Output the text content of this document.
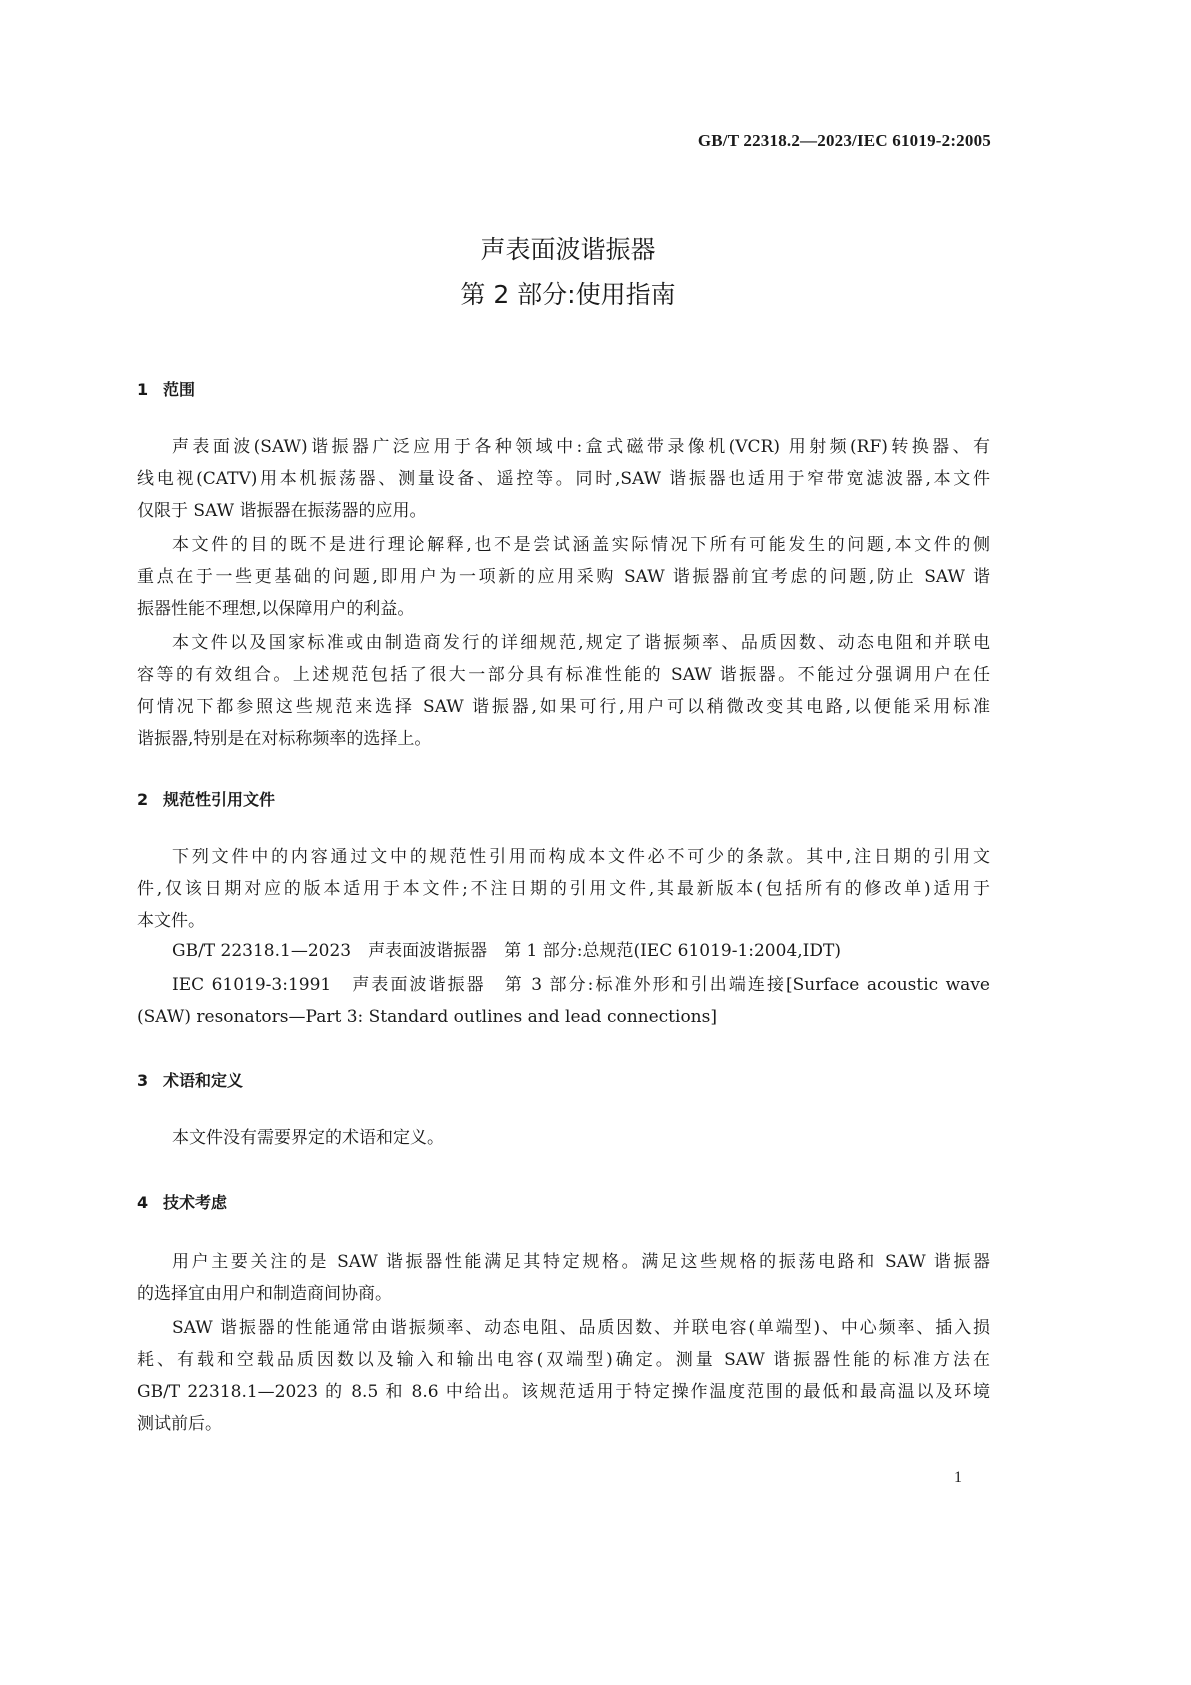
GB/T 22318.2—2023/IEC 61019-2:2005
声表面波谐振器
第 2 部分:使用指南
1 范围
声表面波(SAW)谐振器广泛应用于各种领域中:盒式磁带录像机(VCR) 用射频(RF)转换器、有
线电视(CATV)用本机振荡器、测量设备、遥控等。同时,SAW 谐振器也适用于窄带宽滤波器,本文件
仅限于 SAW 谐振器在振荡器的应用。
本文件的目的既不是进行理论解释,也不是尝试涵盖实际情况下所有可能发生的问题,本文件的侧
重点在于一些更基础的问题,即用户为一项新的应用采购 SAW 谐振器前宜考虑的问题,防止 SAW 谐
振器性能不理想,以保障用户的利益。
本文件以及国家标准或由制造商发行的详细规范,规定了谐振频率、品质因数、动态电阻和并联电
容等的有效组合。上述规范包括了很大一部分具有标准性能的 SAW 谐振器。不能过分强调用户在任
何情况下都参照这些规范来选择 SAW 谐振器,如果可行,用户可以稍微改变其电路,以便能采用标准
谐振器,特别是在对标称频率的选择上。
2 规范性引用文件
下列文件中的内容通过文中的规范性引用而构成本文件必不可少的条款。其中,注日期的引用文
件,仅该日期对应的版本适用于本文件;不注日期的引用文件,其最新版本(包括所有的修改单)适用于
本文件。
GB/T 22318.1—2023　声表面波谐振器　第 1 部分:总规范(IEC 61019-1:2004,IDT)
IEC 61019-3:1991　声表面波谐振器　第 3 部分:标准外形和引出端连接[Surface acoustic wave
(SAW) resonators—Part 3: Standard outlines and lead connections]
3 术语和定义
本文件没有需要界定的术语和定义。
4 技术考虑
用户主要关注的是 SAW 谐振器性能满足其特定规格。满足这些规格的振荡电路和 SAW 谐振器
的选择宜由用户和制造商间协商。
SAW 谐振器的性能通常由谐振频率、动态电阻、品质因数、并联电容(单端型)、中心频率、插入损
耗、有载和空载品质因数以及输入和输出电容(双端型)确定。测量 SAW 谐振器性能的标准方法在
GB/T 22318.1—2023 的 8.5 和 8.6 中给出。该规范适用于特定操作温度范围的最低和最高温以及环境
测试前后。
1
